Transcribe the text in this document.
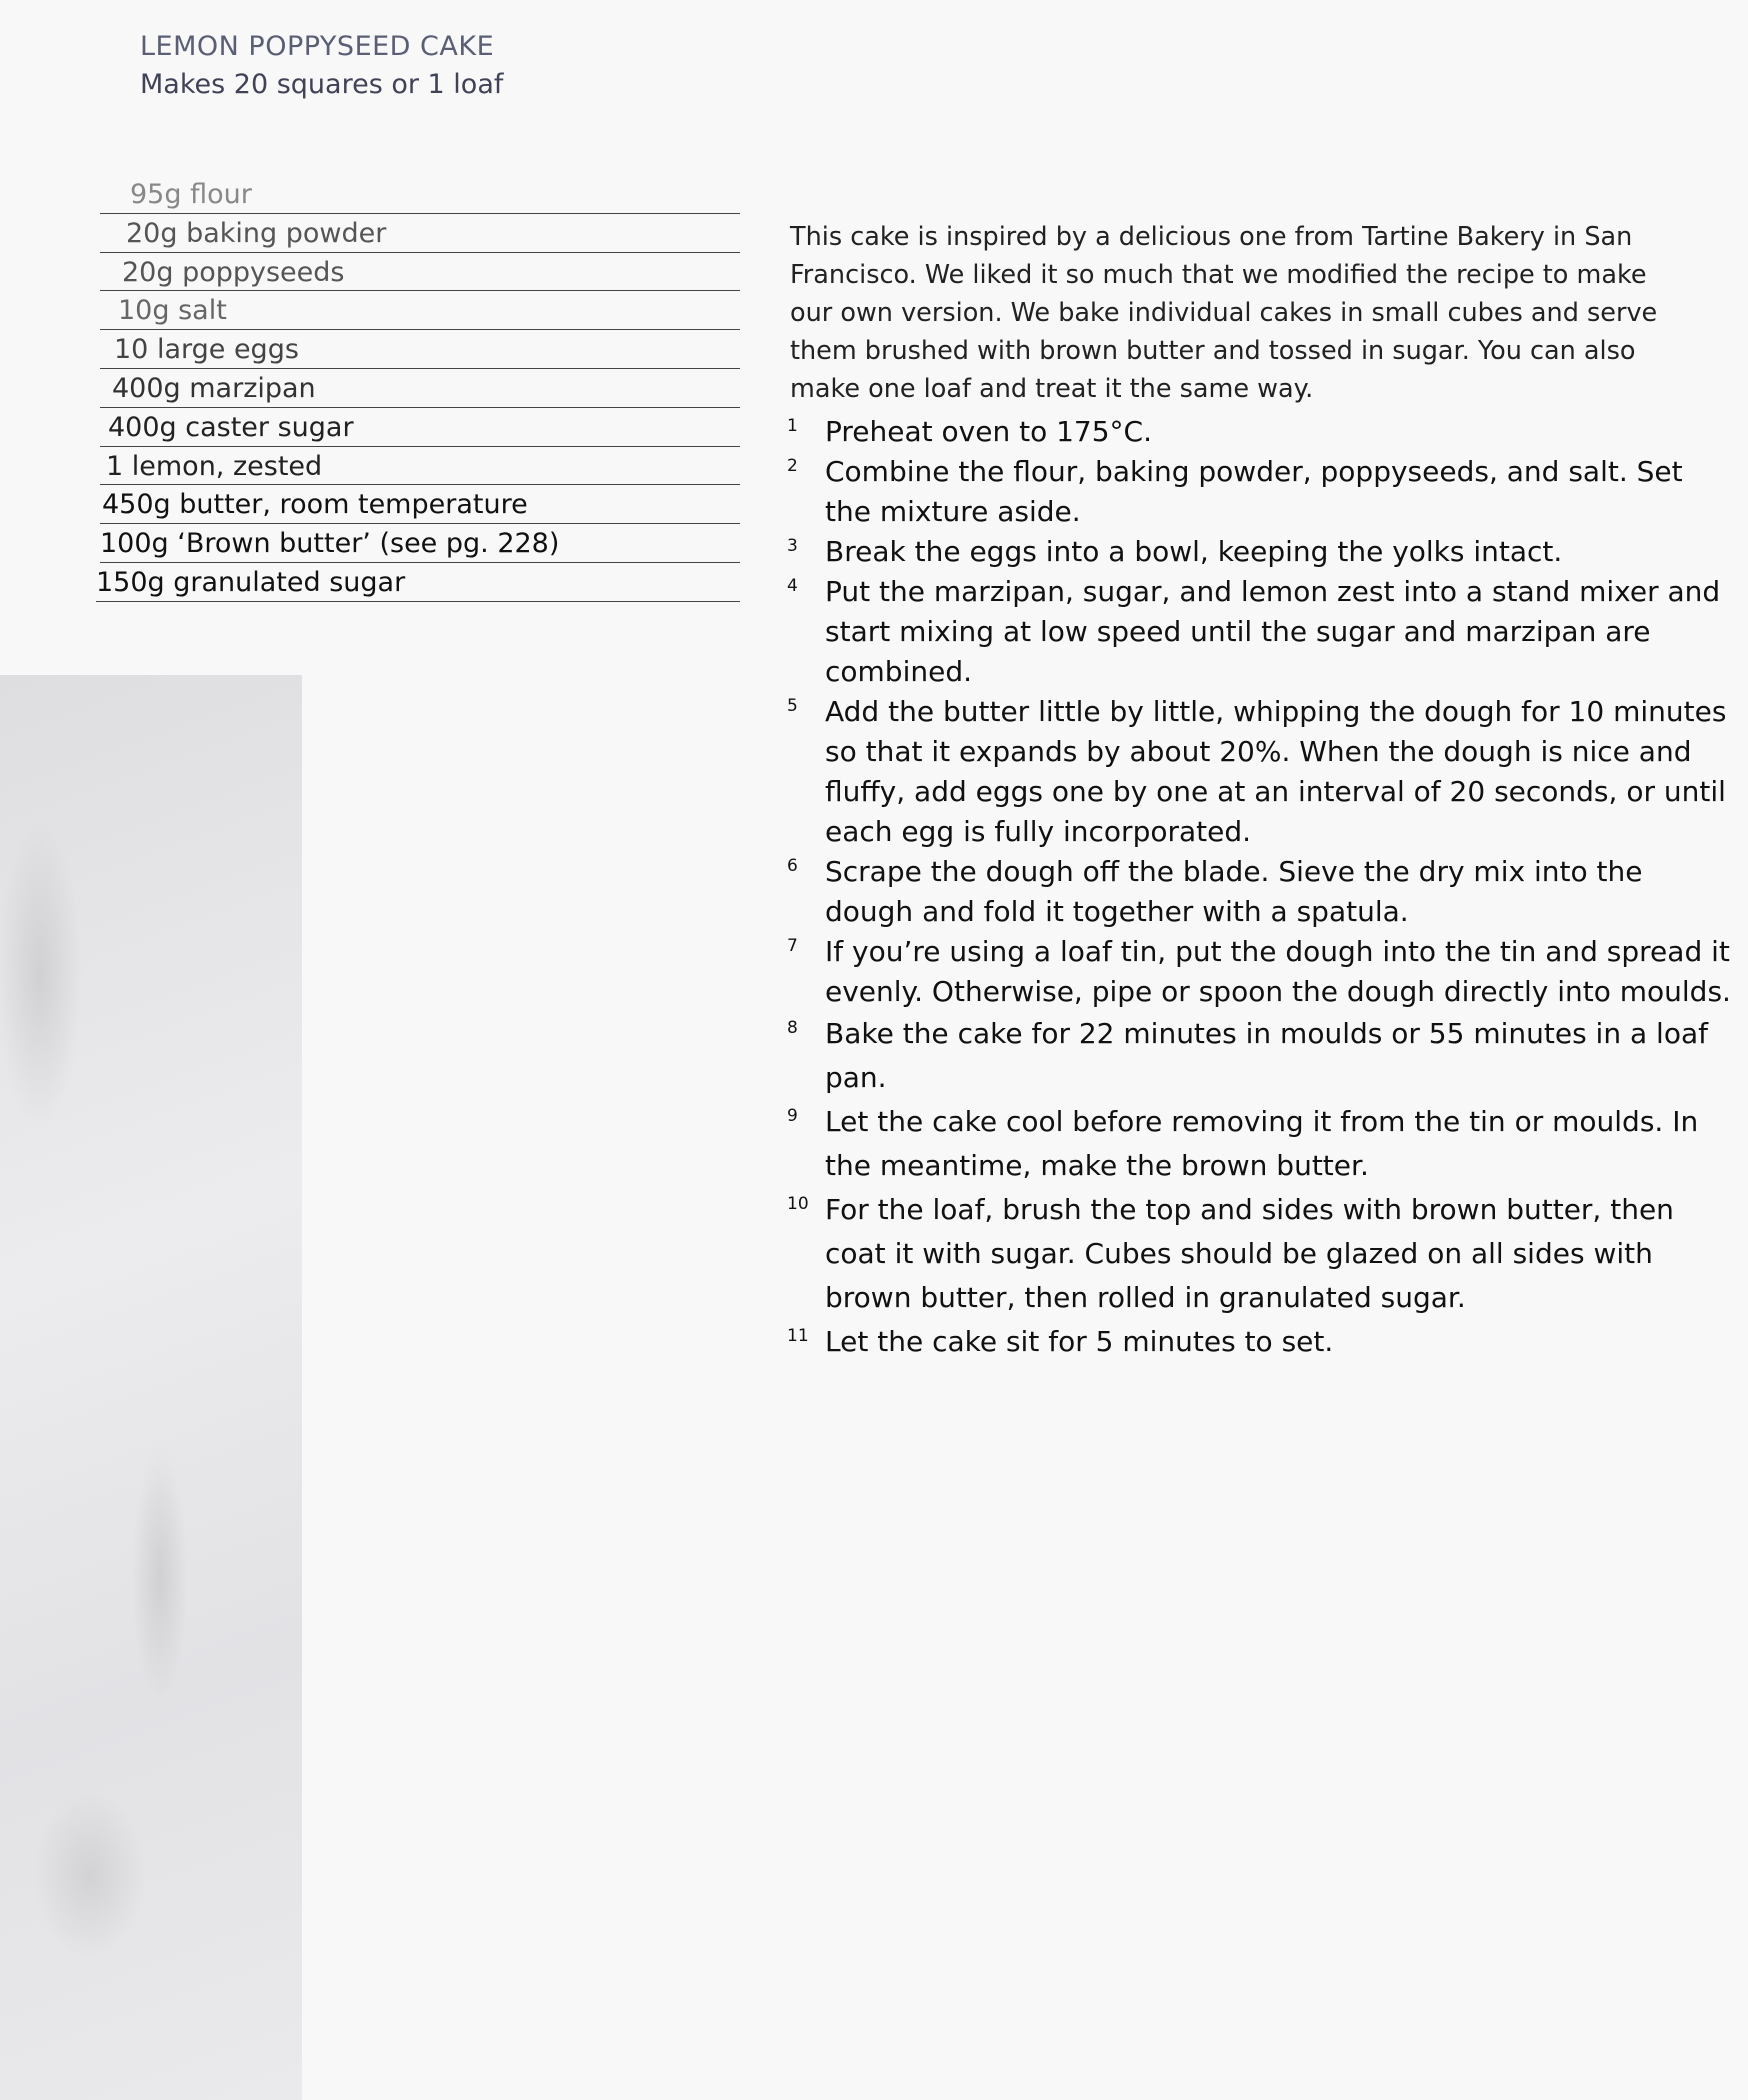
LEMON POPPYSEED CAKE
Makes 20 squares or 1 loaf
95g flour
20g baking powder
20g poppyseeds
10g salt
10 large eggs
400g marzipan
400g caster sugar
1 lemon, zested
450g butter, room temperature
100g ‘Brown butter’ (see pg. 228)
150g granulated sugar

This cake is inspired by a delicious one from Tartine Bakery in San Francisco. We liked it so much that we modified the recipe to make our own version. We bake individual cakes in small cubes and serve them brushed with brown butter and tossed in sugar. You can also make one loaf and treat it the same way.

1 Preheat oven to 175°C.
2 Combine the flour, baking powder, poppyseeds, and salt. Set the mixture aside.
3 Break the eggs into a bowl, keeping the yolks intact.
4 Put the marzipan, sugar, and lemon zest into a stand mixer and start mixing at low speed until the sugar and marzipan are combined.
5 Add the butter little by little, whipping the dough for 10 minutes so that it expands by about 20%. When the dough is nice and fluffy, add eggs one by one at an interval of 20 seconds, or until each egg is fully incorporated.
6 Scrape the dough off the blade. Sieve the dry mix into the dough and fold it together with a spatula.
7 If you’re using a loaf tin, put the dough into the tin and spread it evenly. Otherwise, pipe or spoon the dough directly into moulds.
8 Bake the cake for 22 minutes in moulds or 55 minutes in a loaf pan.
9 Let the cake cool before removing it from the tin or moulds. In the meantime, make the brown butter.
10 For the loaf, brush the top and sides with brown butter, then coat it with sugar. Cubes should be glazed on all sides with brown butter, then rolled in granulated sugar.
11 Let the cake sit for 5 minutes to set.
